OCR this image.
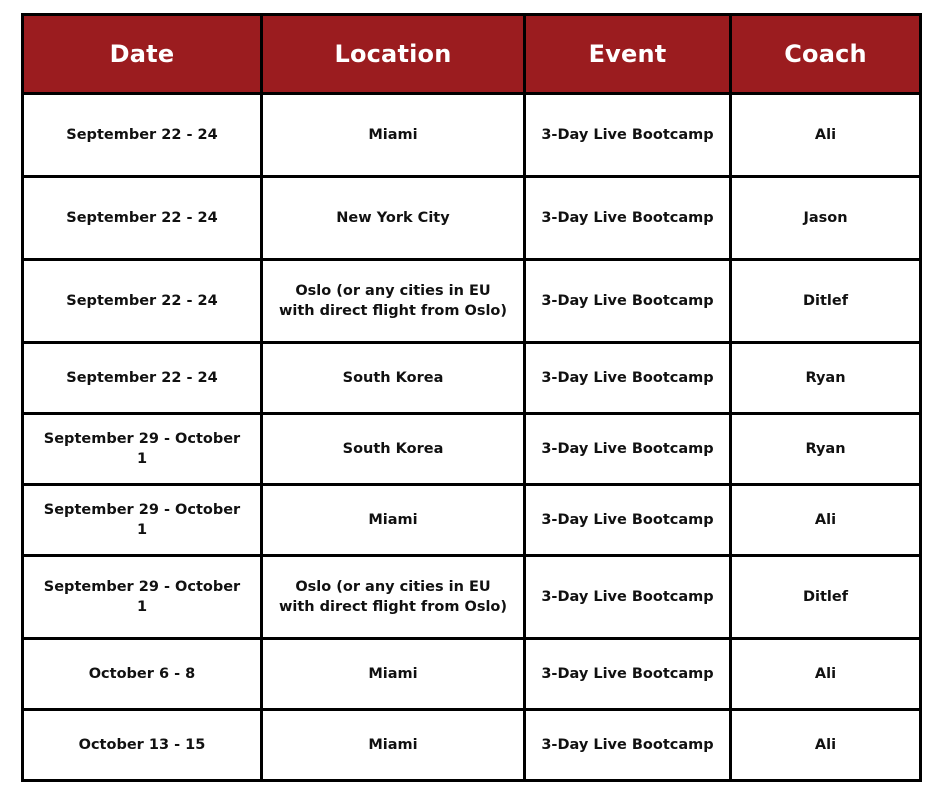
Date	Location	Event	Coach
September 22 - 24	Miami	3-Day Live Bootcamp	Ali
September 22 - 24	New York City	3-Day Live Bootcamp	Jason
September 22 - 24	Oslo (or any cities in EU with direct flight from Oslo)	3-Day Live Bootcamp	Ditlef
September 22 - 24	South Korea	3-Day Live Bootcamp	Ryan
September 29 - October 1	South Korea	3-Day Live Bootcamp	Ryan
September 29 - October 1	Miami	3-Day Live Bootcamp	Ali
September 29 - October 1	Oslo (or any cities in EU with direct flight from Oslo)	3-Day Live Bootcamp	Ditlef
October 6 - 8	Miami	3-Day Live Bootcamp	Ali
October 13 - 15	Miami	3-Day Live Bootcamp	Ali
